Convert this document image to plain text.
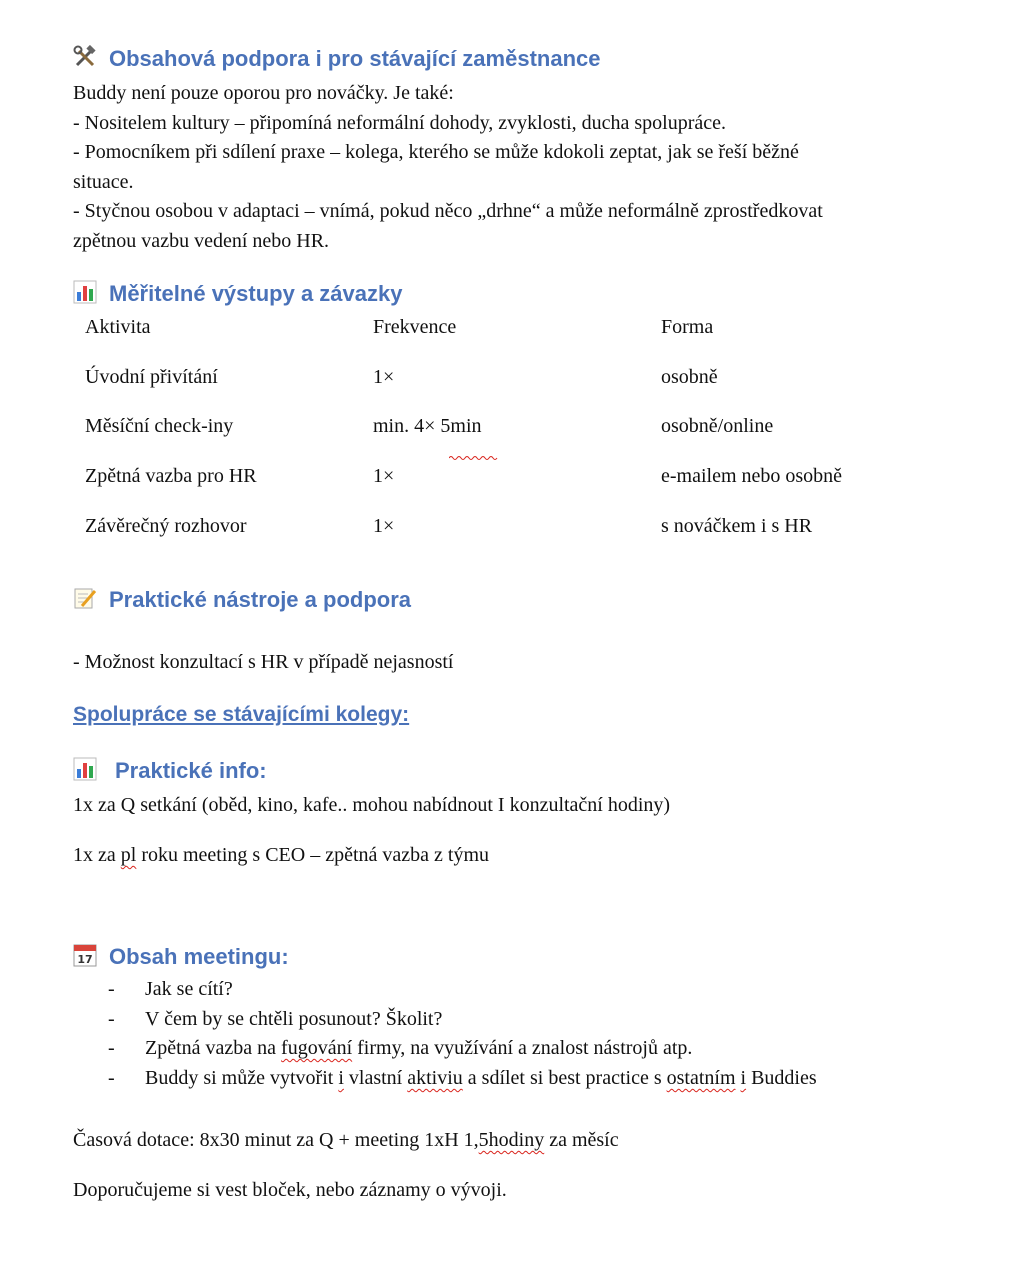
Obsahová podpora i pro stávající zaměstnance
Buddy není pouze oporou pro nováčky. Je také:
- Nositelem kultury – připomíná neformální dohody, zvyklosti, ducha spolupráce.
- Pomocníkem při sdílení praxe – kolega, kterého se může kdokoli zeptat, jak se řeší běžné
situace.
- Styčnou osobou v adaptaci – vnímá, pokud něco „drhne“ a může neformálně zprostředkovat
zpětnou vazbu vedení nebo HR.
Měřitelné výstupy a závazky
Aktivita	Frekvence	Forma
Úvodní přivítání	1×	osobně
Měsíční check-iny	min. 4× 5min	osobně/online
Zpětná vazba pro HR	1×	e-mailem nebo osobně
Závěrečný rozhovor	1×	s nováčkem i s HR
Praktické nástroje a podpora
- Možnost konzultací s HR v případě nejasností
Spolupráce se stávajícími kolegy:
Praktické info:
1x za Q setkání (oběd, kino, kafe.. mohou nabídnout I konzultační hodiny)
1x za pl roku meeting s CEO – zpětná vazba z týmu
17 Obsah meetingu:
- Jak se cítí?
- V čem by se chtěli posunout? Školit?
- Zpětná vazba na fugování firmy, na využívání a znalost nástrojů atp.
- Buddy si může vytvořit i vlastní aktiviu a sdílet si best practice s ostatním i Buddies
Časová dotace: 8x30 minut za Q + meeting 1xH 1,5hodiny za měsíc
Doporučujeme si vest bloček, nebo záznamy o vývoji.
